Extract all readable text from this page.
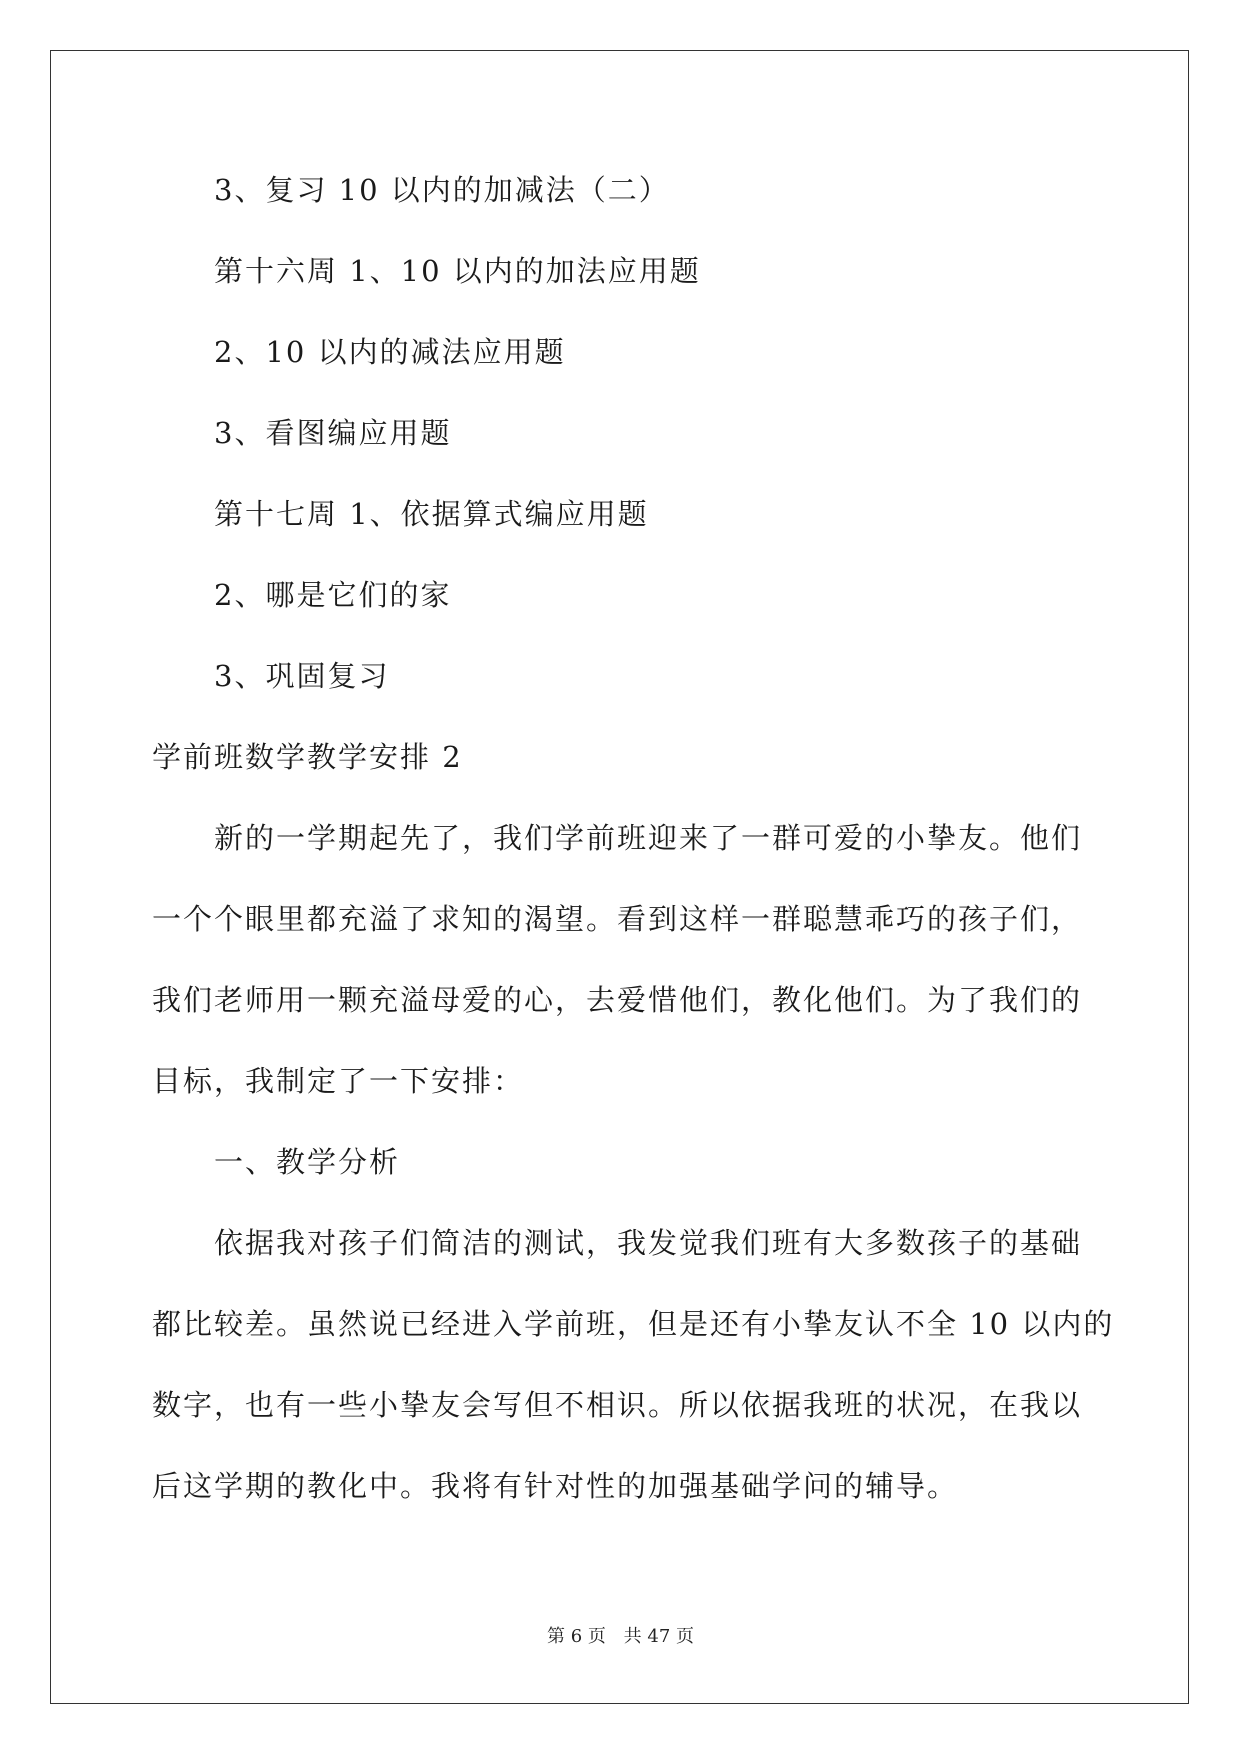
3、复习 10 以内的加减法（二）
第十六周 1、10 以内的加法应用题
2、10 以内的减法应用题
3、看图编应用题
第十七周 1、依据算式编应用题
2、哪是它们的家
3、巩固复习
学前班数学教学安排 2
新的一学期起先了，我们学前班迎来了一群可爱的小挚友。他们
一个个眼里都充溢了求知的渴望。看到这样一群聪慧乖巧的孩子们，
我们老师用一颗充溢母爱的心，去爱惜他们，教化他们。为了我们的
目标，我制定了一下安排：
一、教学分析
依据我对孩子们简洁的测试，我发觉我们班有大多数孩子的基础
都比较差。虽然说已经进入学前班，但是还有小挚友认不全 10 以内的
数字，也有一些小挚友会写但不相识。所以依据我班的状况，在我以
后这学期的教化中。我将有针对性的加强基础学问的辅导。
第 6 页 共 47 页
